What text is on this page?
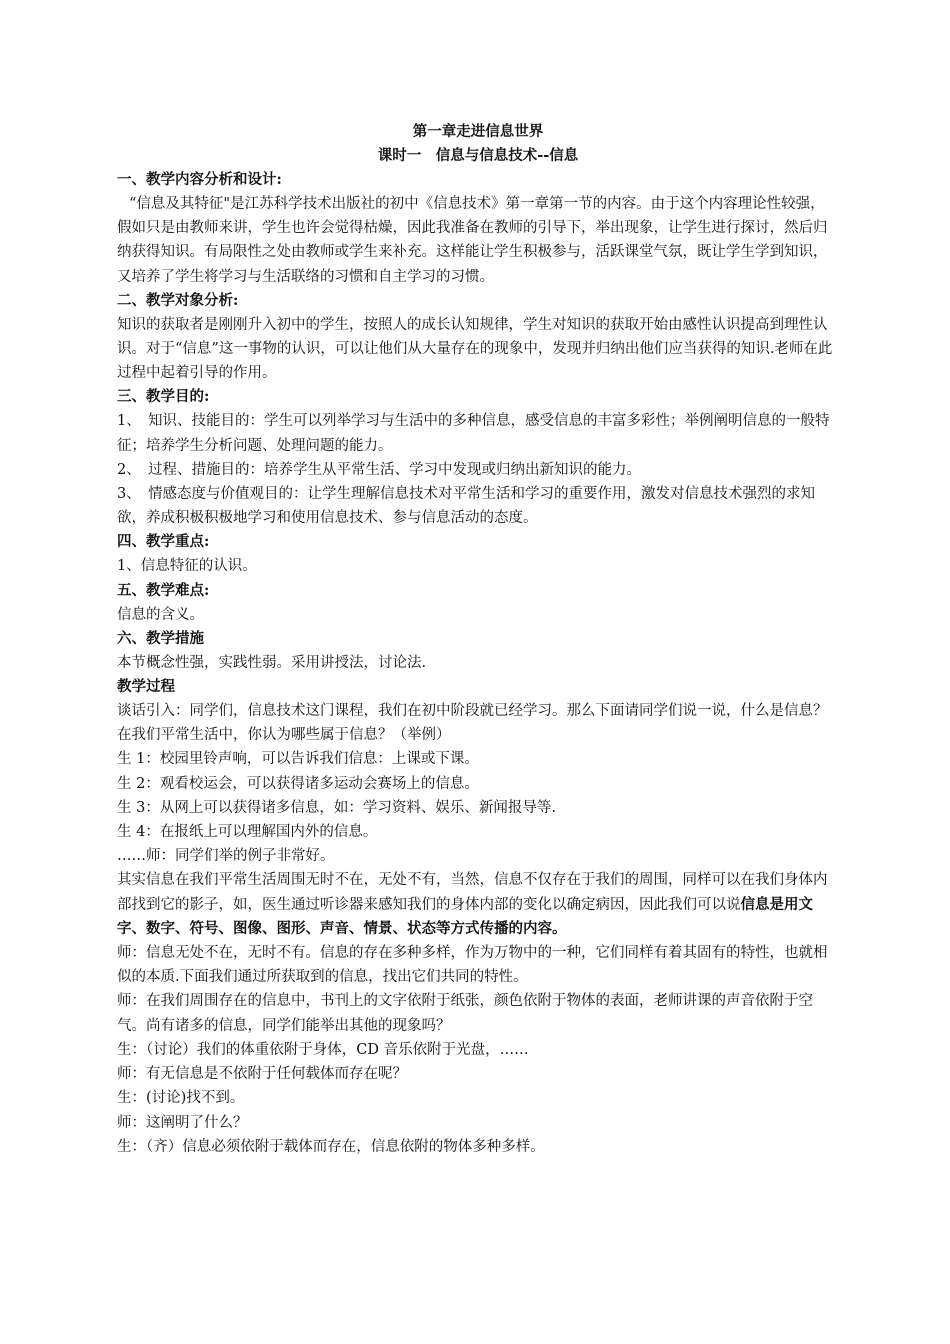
第一章走进信息世界
课时一　信息与信息技术--信息
一、教学内容分析和设计:
“信息及其特征"是江苏科学技术出版社的初中《信息技术》第一章第一节的内容。由于这个内容理论性较强，假如只是由教师来讲，学生也许会觉得枯燥，因此我准备在教师的引导下，举出现象，让学生进行探讨，然后归纳获得知识。有局限性之处由教师或学生来补充。这样能让学生积极参与，活跃课堂气氛，既让学生学到知识，又培养了学生将学习与生活联络的习惯和自主学习的习惯。
二、教学对象分析:
知识的获取者是刚刚升入初中的学生，按照人的成长认知规律，学生对知识的获取开始由感性认识提高到理性认识。对于“信息”这一事物的认识，可以让他们从大量存在的现象中，发现并归纳出他们应当获得的知识.老师在此过程中起着引导的作用。
三、教学目的:
1、　知识、技能目的：学生可以列举学习与生活中的多种信息，感受信息的丰富多彩性；举例阐明信息的一般特征；培养学生分析问题、处理问题的能力。
2、　过程、措施目的：培养学生从平常生活、学习中发现或归纳出新知识的能力。
3、　情感态度与价值观目的：让学生理解信息技术对平常生活和学习的重要作用，激发对信息技术强烈的求知欲，养成积极积极地学习和使用信息技术、参与信息活动的态度。
四、教学重点:
1、信息特征的认识。
五、教学难点:
信息的含义。
六、教学措施
本节概念性强，实践性弱。采用讲授法，讨论法.
教学过程
谈话引入：同学们，信息技术这门课程，我们在初中阶段就已经学习。那么下面请同学们说一说，什么是信息？在我们平常生活中，你认为哪些属于信息？（举例）
生 1：校园里铃声响，可以告诉我们信息：上课或下课。
生 2：观看校运会，可以获得诸多运动会赛场上的信息。
生 3：从网上可以获得诸多信息，如：学习资料、娱乐、新闻报导等.
生 4：在报纸上可以理解国内外的信息。
……师：同学们举的例子非常好。
其实信息在我们平常生活周围无时不在，无处不有，当然，信息不仅存在于我们的周围，同样可以在我们身体内部找到它的影子，如，医生通过听诊器来感知我们的身体内部的变化以确定病因，因此我们可以说信息是用文字、数字、符号、图像、图形、声音、情景、状态等方式传播的内容。
师：信息无处不在，无时不有。信息的存在多种多样，作为万物中的一种，它们同样有着其固有的特性，也就相似的本质.下面我们通过所获取到的信息，找出它们共同的特性。
师：在我们周围存在的信息中，书刊上的文字依附于纸张，颜色依附于物体的表面，老师讲课的声音依附于空气。尚有诸多的信息，同学们能举出其他的现象吗？
生：（讨论）我们的体重依附于身体，CD 音乐依附于光盘，……
师：有无信息是不依附于任何载体而存在呢？
生：(讨论)找不到。
师：这阐明了什么？
生：（齐）信息必须依附于载体而存在，信息依附的物体多种多样。
